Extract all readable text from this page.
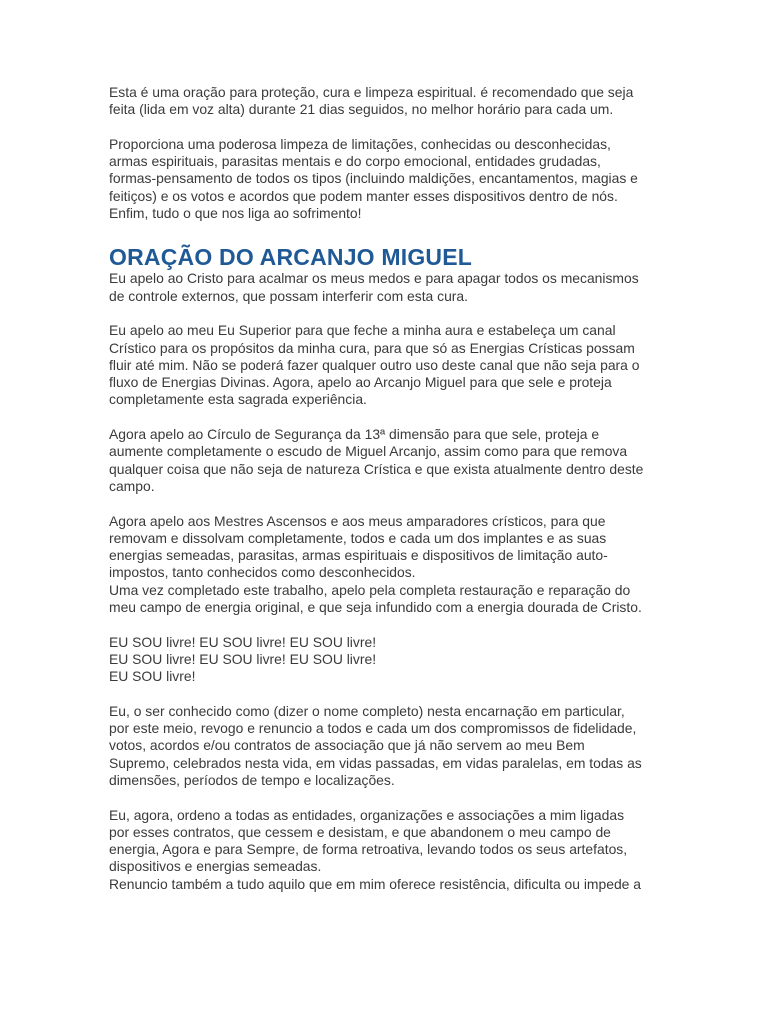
Esta é uma oração para proteção, cura e limpeza espiritual. é recomendado que seja
feita (lida em voz alta) durante 21 dias seguidos, no melhor horário para cada um.

Proporciona uma poderosa limpeza de limitações, conhecidas ou desconhecidas,
armas espirituais, parasitas mentais e do corpo emocional, entidades grudadas,
formas-pensamento de todos os tipos (incluindo maldições, encantamentos, magias e
feitiços) e os votos e acordos que podem manter esses dispositivos dentro de nós.
Enfim, tudo o que nos liga ao sofrimento!

ORAÇÃO DO ARCANJO MIGUEL

Eu apelo ao Cristo para acalmar os meus medos e para apagar todos os mecanismos
de controle externos, que possam interferir com esta cura.

Eu apelo ao meu Eu Superior para que feche a minha aura e estabeleça um canal
Crístico para os propósitos da minha cura, para que só as Energias Crísticas possam
fluir até mim. Não se poderá fazer qualquer outro uso deste canal que não seja para o
fluxo de Energias Divinas. Agora, apelo ao Arcanjo Miguel para que sele e proteja
completamente esta sagrada experiência.

Agora apelo ao Círculo de Segurança da 13ª dimensão para que sele, proteja e
aumente completamente o escudo de Miguel Arcanjo, assim como para que remova
qualquer coisa que não seja de natureza Crística e que exista atualmente dentro deste
campo.

Agora apelo aos Mestres Ascensos e aos meus amparadores crísticos, para que
removam e dissolvam completamente, todos e cada um dos implantes e as suas
energias semeadas, parasitas, armas espirituais e dispositivos de limitação auto-
impostos, tanto conhecidos como desconhecidos.
Uma vez completado este trabalho, apelo pela completa restauração e reparação do
meu campo de energia original, e que seja infundido com a energia dourada de Cristo.

EU SOU livre! EU SOU livre! EU SOU livre!
EU SOU livre! EU SOU livre! EU SOU livre!
EU SOU livre!

Eu, o ser conhecido como (dizer o nome completo) nesta encarnação em particular,
por este meio, revogo e renuncio a todos e cada um dos compromissos de fidelidade,
votos, acordos e/ou contratos de associação que já não servem ao meu Bem
Supremo, celebrados nesta vida, em vidas passadas, em vidas paralelas, em todas as
dimensões, períodos de tempo e localizações.

Eu, agora, ordeno a todas as entidades, organizações e associações a mim ligadas
por esses contratos, que cessem e desistam, e que abandonem o meu campo de
energia, Agora e para Sempre, de forma retroativa, levando todos os seus artefatos,
dispositivos e energias semeadas.
Renuncio também a tudo aquilo que em mim oferece resistência, dificulta ou impede a
